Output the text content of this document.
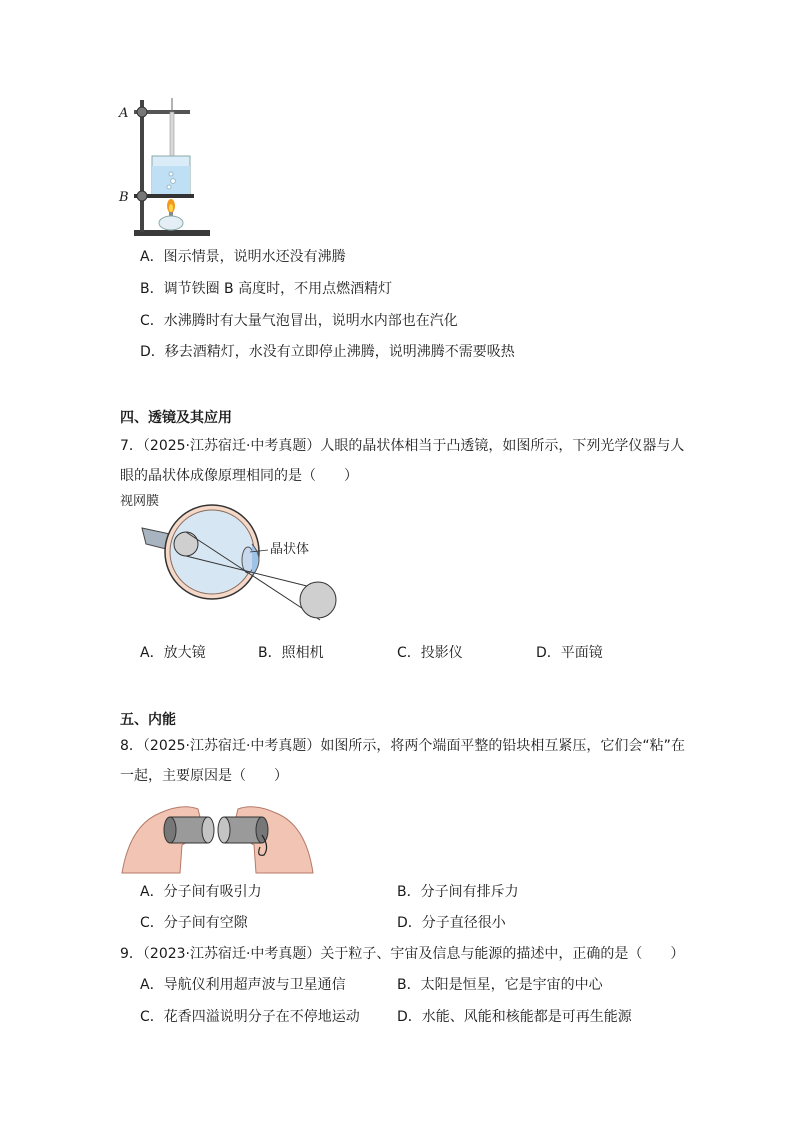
A
B
A．图示情景，说明水还没有沸腾
B．调节铁圈 B 高度时，不用点燃酒精灯
C．水沸腾时有大量气泡冒出，说明水内部也在汽化
D．移去酒精灯，水没有立即停止沸腾，说明沸腾不需要吸热
四、透镜及其应用
7．（2025·江苏宿迁·中考真题）人眼的晶状体相当于凸透镜，如图所示，下列光学仪器与人
眼的晶状体成像原理相同的是（　　）
视网膜
晶状体
A．放大镜	B．照相机	C．投影仪	D．平面镜
五、内能
8．（2025·江苏宿迁·中考真题）如图所示，将两个端面平整的铅块相互紧压，它们会“粘”在
一起，主要原因是（　　）
A．分子间有吸引力	B．分子间有排斥力
C．分子间有空隙	D．分子直径很小
9．（2023·江苏宿迁·中考真题）关于粒子、宇宙及信息与能源的描述中，正确的是（　　）
A．导航仪利用超声波与卫星通信	B．太阳是恒星，它是宇宙的中心
C．花香四溢说明分子在不停地运动	D．水能、风能和核能都是可再生能源
